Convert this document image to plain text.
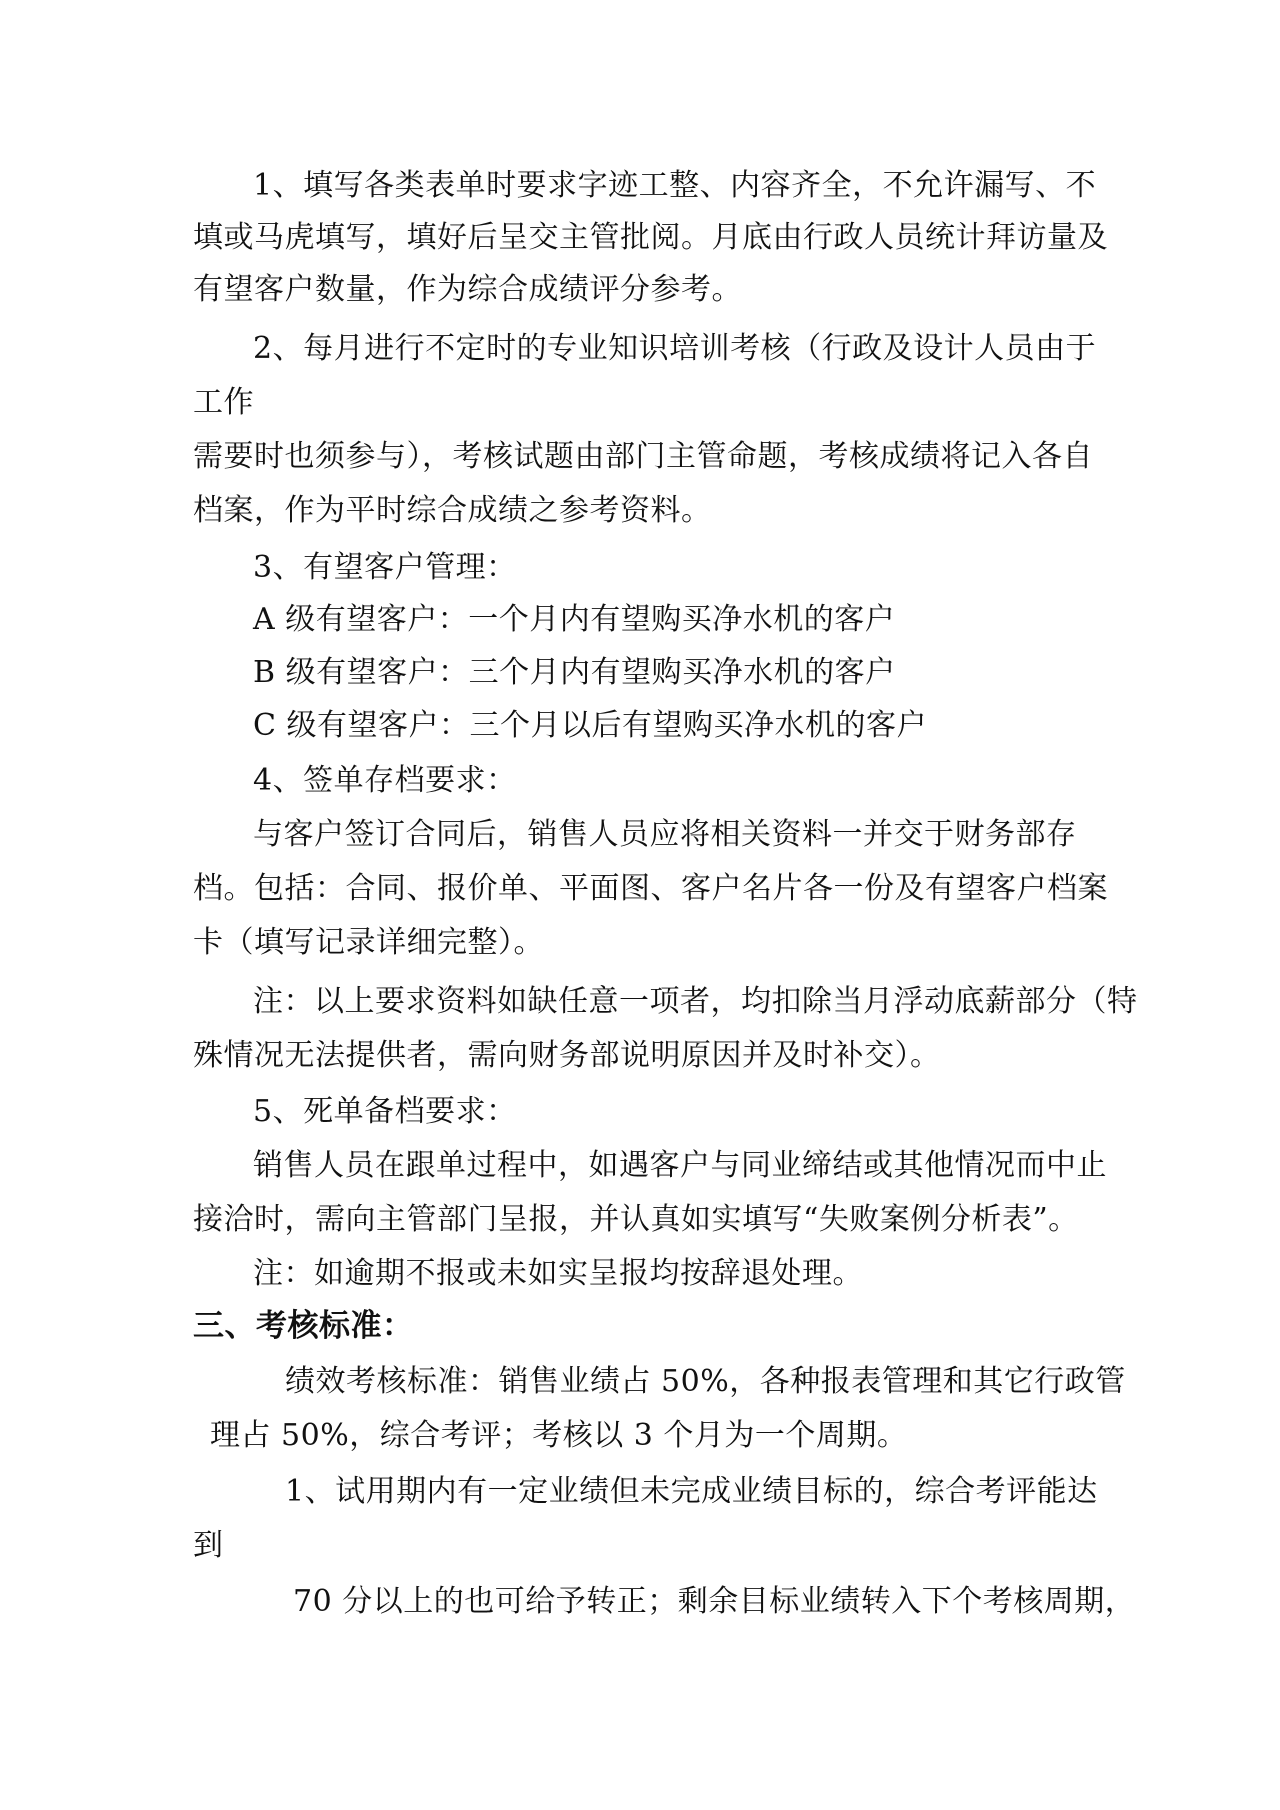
1、填写各类表单时要求字迹工整、内容齐全，不允许漏写、不
填或马虎填写，填好后呈交主管批阅。月底由行政人员统计拜访量及
有望客户数量，作为综合成绩评分参考。
2、每月进行不定时的专业知识培训考核（行政及设计人员由于
工作
需要时也须参与），考核试题由部门主管命题，考核成绩将记入各自
档案，作为平时综合成绩之参考资料。
3、有望客户管理：
A 级有望客户：一个月内有望购买净水机的客户
B 级有望客户：三个月内有望购买净水机的客户
C 级有望客户：三个月以后有望购买净水机的客户
4、签单存档要求：
与客户签订合同后，销售人员应将相关资料一并交于财务部存
档。包括：合同、报价单、平面图、客户名片各一份及有望客户档案
卡（填写记录详细完整）。
注：以上要求资料如缺任意一项者，均扣除当月浮动底薪部分（特
殊情况无法提供者，需向财务部说明原因并及时补交）。
5、死单备档要求：
销售人员在跟单过程中，如遇客户与同业缔结或其他情况而中止
接洽时，需向主管部门呈报，并认真如实填写“失败案例分析表”。
注：如逾期不报或未如实呈报均按辞退处理。
三、考核标准：
绩效考核标准：销售业绩占 50%，各种报表管理和其它行政管
理占 50%，综合考评；考核以 3 个月为一个周期。
1、试用期内有一定业绩但未完成业绩目标的，综合考评能达
到
70 分以上的也可给予转正；剩余目标业绩转入下个考核周期，
